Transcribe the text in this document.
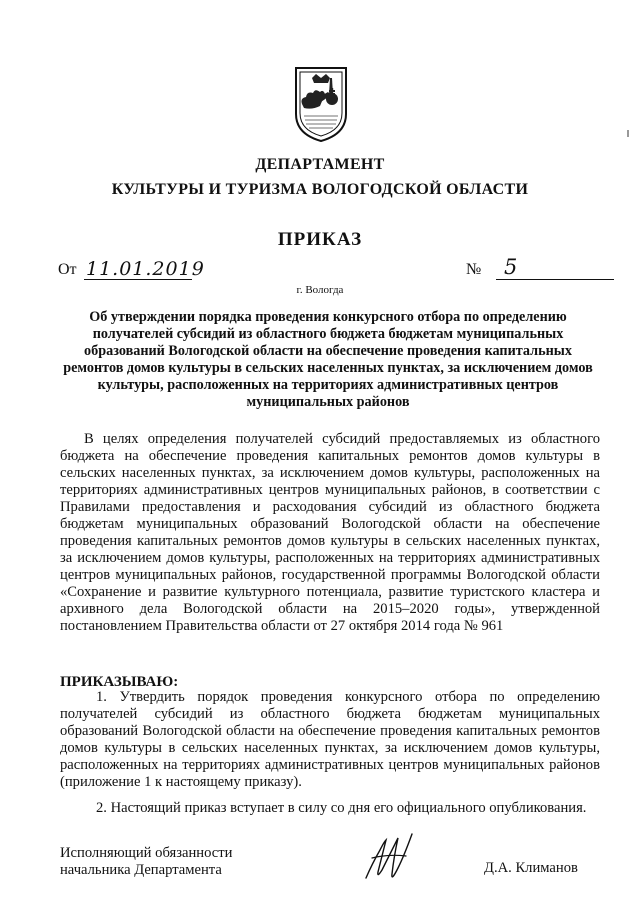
ДЕПАРТАМЕНТ
КУЛЬТУРЫ И ТУРИЗМА ВОЛОГОДСКОЙ ОБЛАСТИ
ПРИКАЗ
От 11.01.2019	№ 5
г. Вологда
Об утверждении порядка проведения конкурсного отбора по определению получателей субсидий из областного бюджета бюджетам муниципальных образований Вологодской области на обеспечение проведения капитальных ремонтов домов культуры в сельских населенных пунктах, за исключением домов культуры, расположенных на территориях административных центров муниципальных районов
В целях определения получателей субсидий предоставляемых из областного бюджета на обеспечение проведения капитальных ремонтов домов культуры в сельских населенных пунктах, за исключением домов культуры, расположенных на территориях административных центров муниципальных районов, в соответствии с Правилами предоставления и расходования субсидий из областного бюджета бюджетам муниципальных образований Вологодской области на обеспечение проведения капитальных ремонтов домов культуры в сельских населенных пунктах, за исключением домов культуры, расположенных на территориях административных центров муниципальных районов, государственной программы Вологодской области «Сохранение и развитие культурного потенциала, развитие туристского кластера и архивного дела Вологодской области на 2015–2020 годы», утвержденной постановлением Правительства области от 27 октября 2014 года № 961
ПРИКАЗЫВАЮ:
1. Утвердить порядок проведения конкурсного отбора по определению получателей субсидий из областного бюджета бюджетам муниципальных образований Вологодской области на обеспечение проведения капитальных ремонтов домов культуры в сельских населенных пунктах, за исключением домов культуры, расположенных на территориях административных центров муниципальных районов (приложение 1 к настоящему приказу).
2. Настоящий приказ вступает в силу со дня его официального опубликования.
Исполняющий обязанности
начальника Департамента	Д.А. Климанов
